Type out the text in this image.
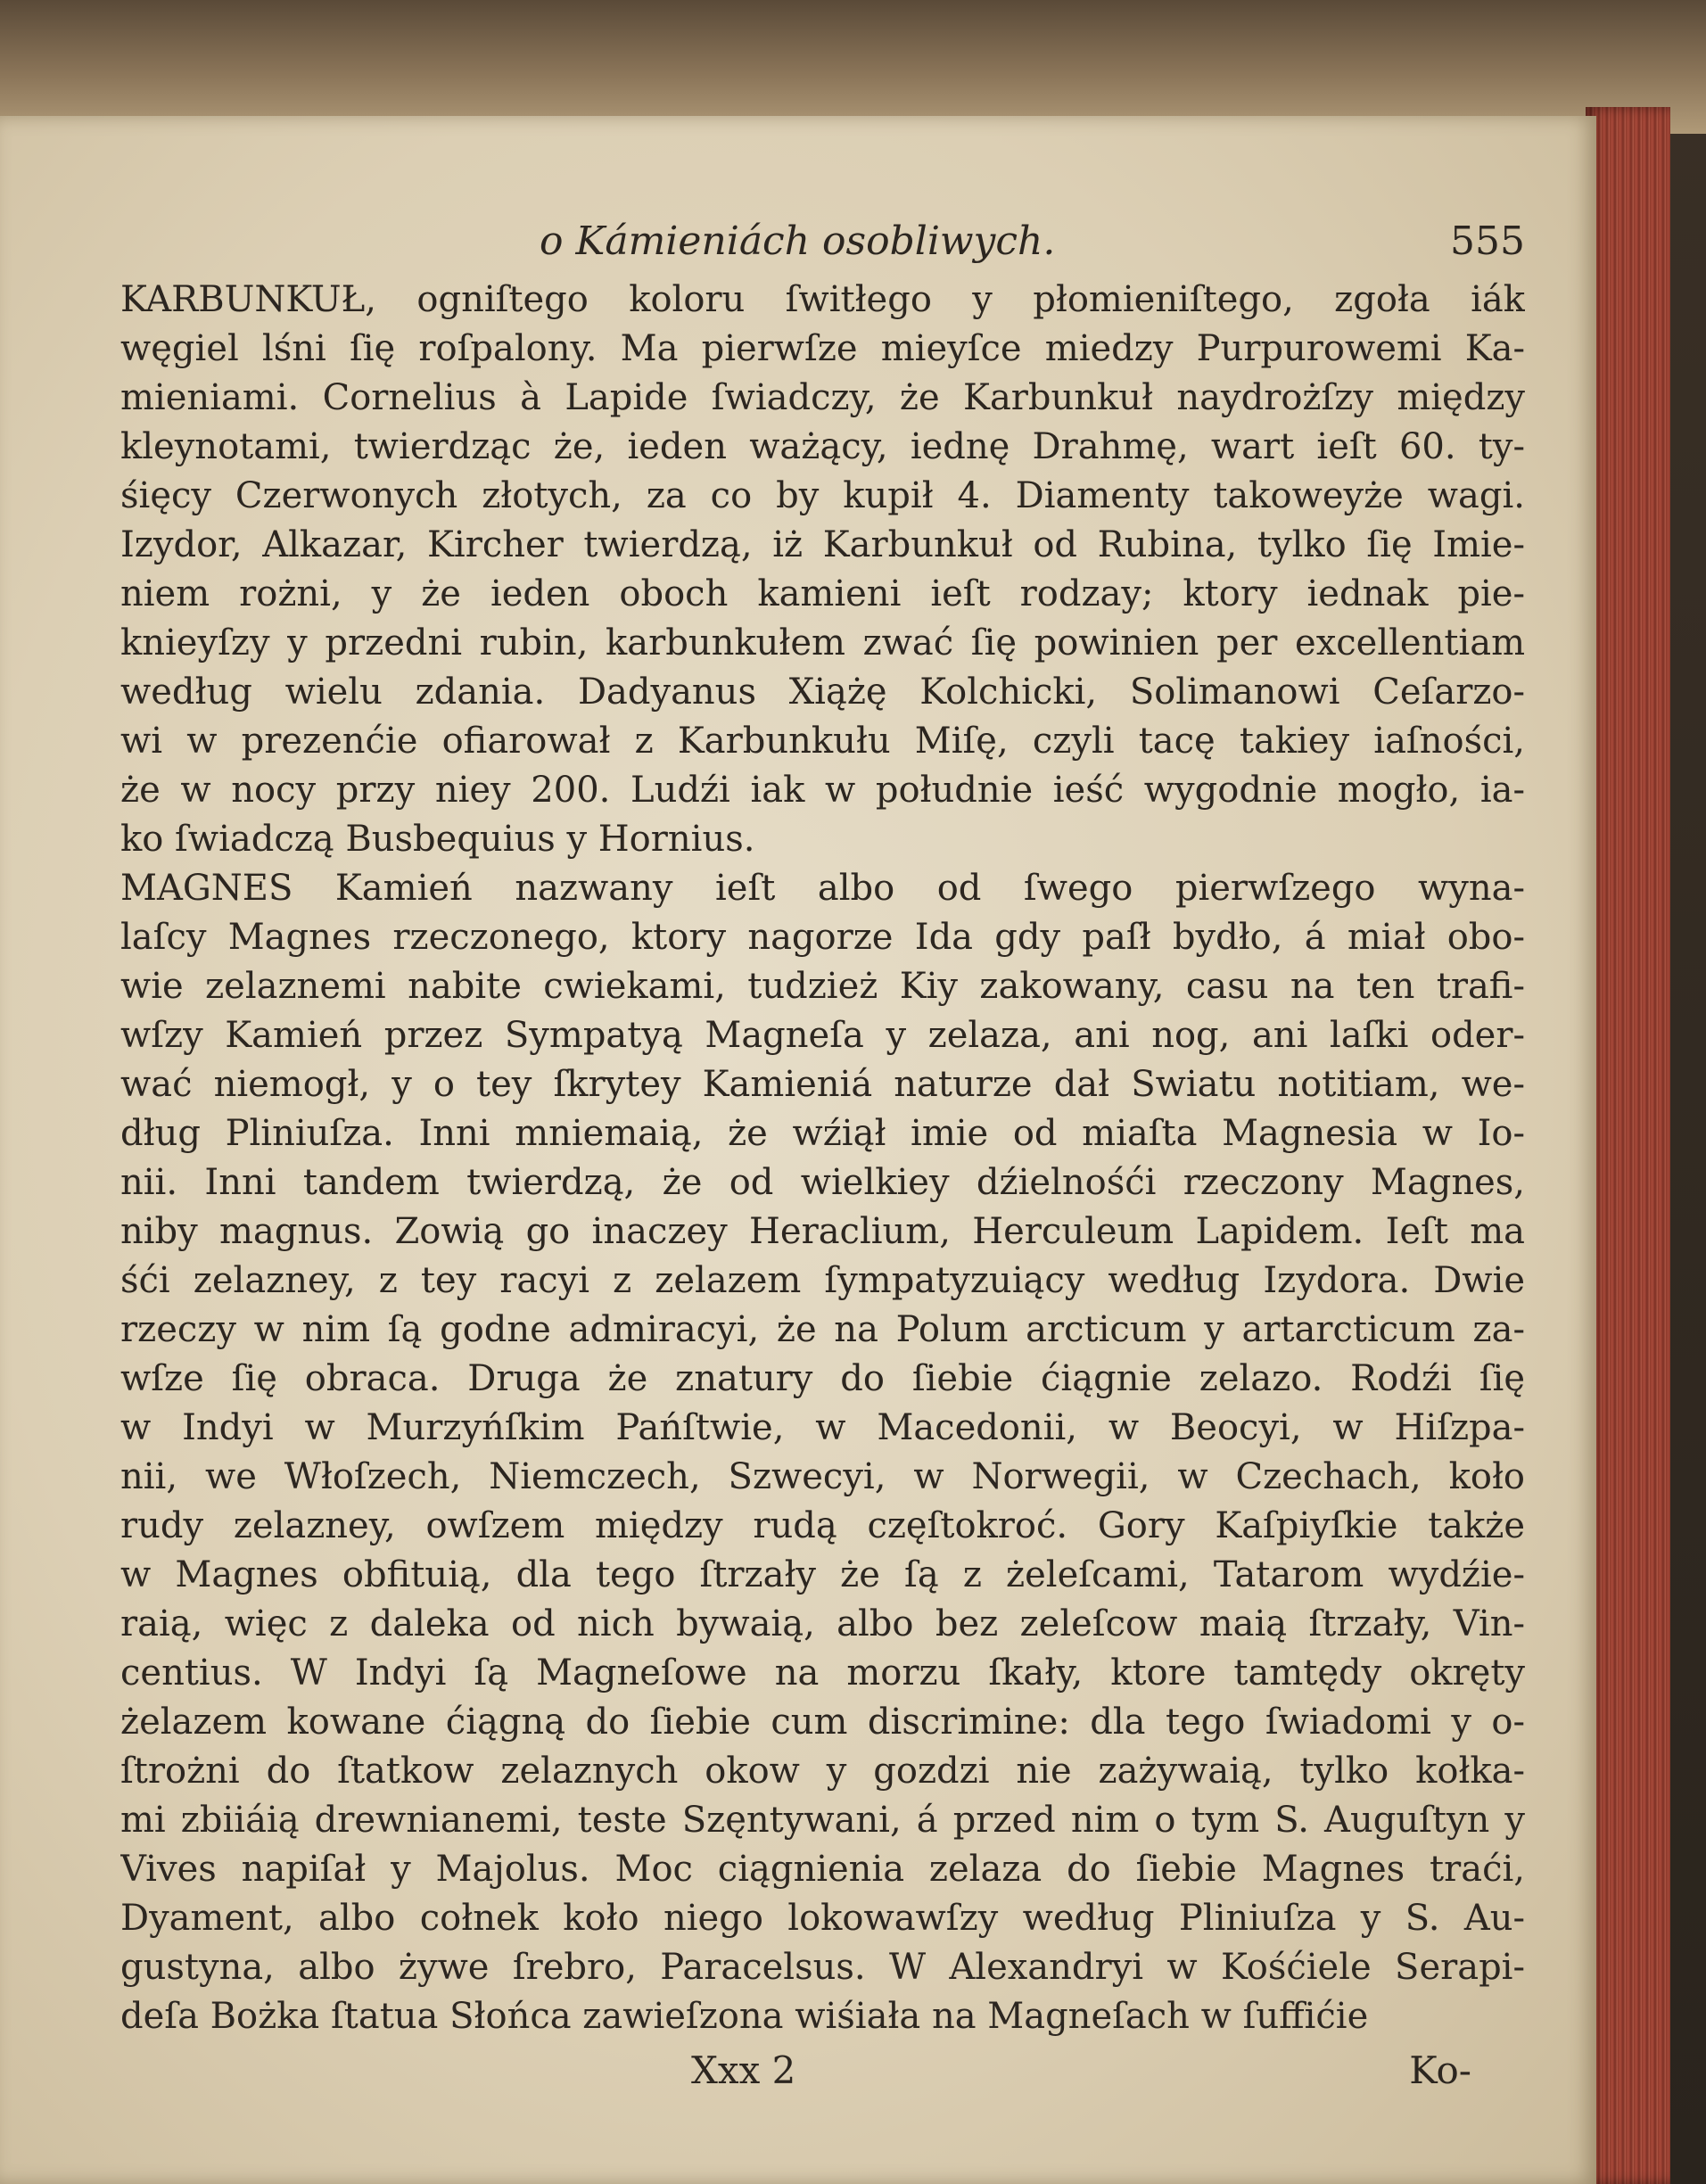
o Kámieniách osobliwych.	555
KARBUNKUŁ, ogniſtego koloru ſwitłego y płomieniſtego, zgoła iák
węgiel lśni ſię roſpalony. Ma pierwſze mieyſce miedzy Purpurowemi Ka-
mieniami. Cornelius à Lapide ſwiadczy, że Karbunkuł naydrożſzy między
kleynotami, twierdząc że, ieden ważący, iednę Drahmę, wart ieſt 60. ty-
śięcy Czerwonych złotych, za co by kupił 4. Diamenty takoweyże wagi.
Izydor, Alkazar, Kircher twierdzą, iż Karbunkuł od Rubina, tylko ſię Imie-
niem rożni, y że ieden oboch kamieni ieſt rodzay; ktory iednak pie-
knieyſzy y przedni rubin, karbunkułem zwać ſię powinien per excellentiam
według wielu zdania. Dadyanus Xiążę Kolchicki, Solimanowi Ceſarzo-
wi w prezenćie ofiarował z Karbunkułu Miſę, czyli tacę takiey iaſności,
że w nocy przy niey 200. Ludźi iak w południe ieść wygodnie mogło, ia-
ko ſwiadczą Busbequius y Hornius.
MAGNES Kamień nazwany ieſt albo od ſwego pierwſzego wyna-
laſcy Magnes rzeczonego, ktory nagorze Ida gdy paſł bydło, á miał obo-
wie zelaznemi nabite cwiekami, tudzież Kiy zakowany, casu na ten trafi-
wſzy Kamień przez Sympatyą Magneſa y zelaza, ani nog, ani laſki oder-
wać niemogł, y o tey ſkrytey Kamieniá naturze dał Swiatu notitiam, we-
dług Pliniuſza. Inni mniemaią, że wźiął imie od miaſta Magnesia w Io-
nii. Inni tandem twierdzą, że od wielkiey dźielnośći rzeczony Magnes,
niby magnus. Zowią go inaczey Heraclium, Herculeum Lapidem. Ieſt ma
śći zelazney, z tey racyi z zelazem ſympatyzuiący według Izydora. Dwie
rzeczy w nim ſą godne admiracyi, że na Polum arcticum y artarcticum za-
wſze ſię obraca. Druga że znatury do ſiebie ćiągnie zelazo. Rodźi ſię
w Indyi w Murzyńſkim Pańſtwie, w Macedonii, w Beocyi, w Hiſzpa-
nii, we Włoſzech, Niemczech, Szwecyi, w Norwegii, w Czechach, koło
rudy zelazney, owſzem między rudą częſtokroć. Gory Kaſpiyſkie także
w Magnes obfituią, dla tego ſtrzały że ſą z żeleſcami, Tatarom wydźie-
raią, więc z daleka od nich bywaią, albo bez zeleſcow maią ſtrzały, Vin-
centius. W Indyi ſą Magneſowe na morzu ſkały, ktore tamtędy okręty
żelazem kowane ćiągną do ſiebie cum discrimine: dla tego ſwiadomi y o-
ſtrożni do ſtatkow zelaznych okow y gozdzi nie zażywaią, tylko kołka-
mi zbiiáią drewnianemi, teste Szęntywani, á przed nim o tym S. Auguſtyn y
Vives napiſał y Majolus. Moc ciągnienia zelaza do ſiebie Magnes traći,
Dyament, albo cołnek koło niego lokowawſzy według Pliniuſza y S. Au-
gustyna, albo żywe ſrebro, Paracelsus. W Alexandryi w Kośćiele Serapi-
deſa Bożka ſtatua Słońca zawieſzona wiśiała na Magneſach w ſuffićie
Xxx 2	Ko-
